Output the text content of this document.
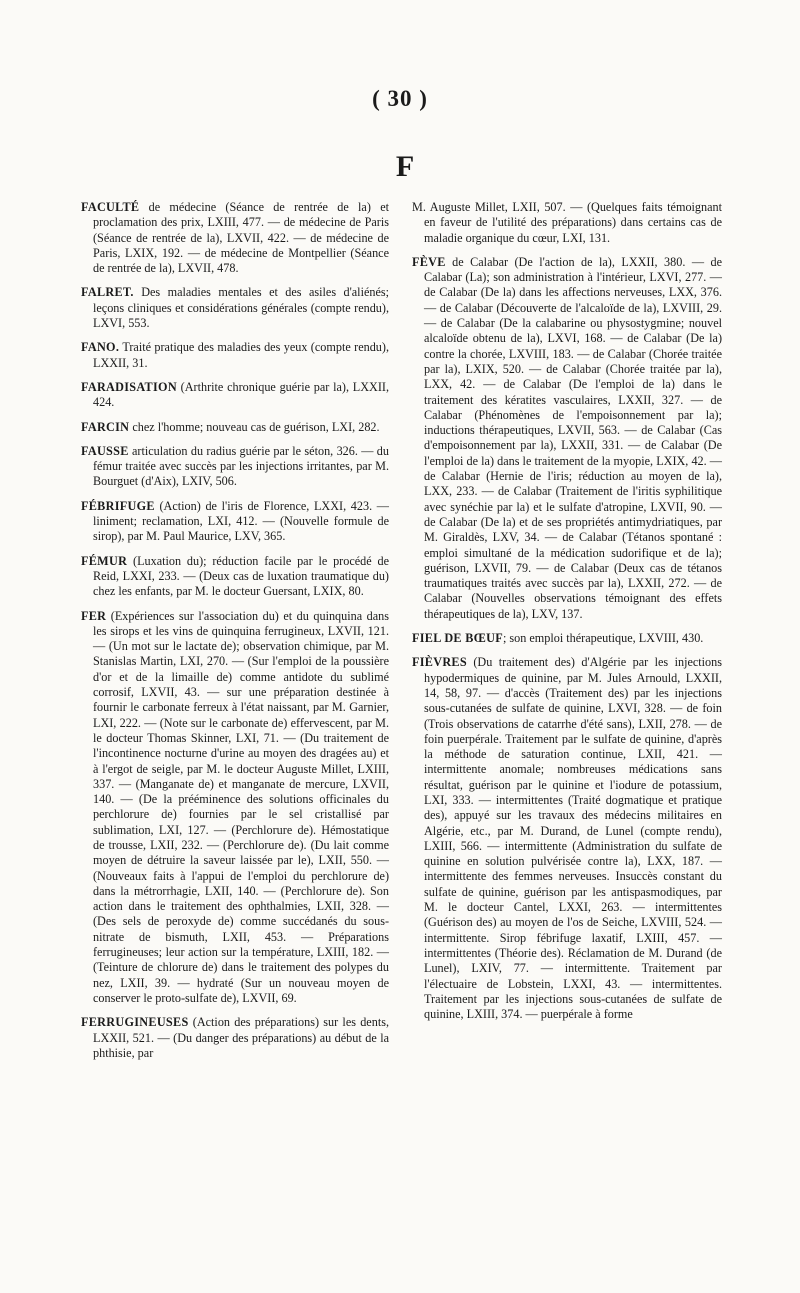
( 30 )
F

FACULTÉ de médecine (Séance de rentrée de la) et proclamation des prix, LXIII, 477. — de médecine de Paris (Séance de rentrée de la), LXVII, 422. — de médecine de Paris, LXIX, 192. — de médecine de Montpellier (Séance de rentrée de la), LXVII, 478.

FALRET. Des maladies mentales et des asiles d'aliénés; leçons cliniques et considérations générales (compte rendu), LXVI, 553.

FANO. Traité pratique des maladies des yeux (compte rendu), LXXII, 31.

FARADISATION (Arthrite chronique guérie par la), LXXII, 424.

FARCIN chez l'homme; nouveau cas de guérison, LXI, 282.

FAUSSE articulation du radius guérie par le séton, 326. — du fémur traitée avec succès par les injections irritantes, par M. Bourguet (d'Aix), LXIV, 506.

FÉBRIFUGE (Action) de l'iris de Florence, LXXI, 423. — liniment; reclamation, LXI, 412. — (Nouvelle formule de sirop), par M. Paul Maurice, LXV, 365.

FÉMUR (Luxation du); réduction facile par le procédé de Reid, LXXI, 233. — (Deux cas de luxation traumatique du) chez les enfants, par M. le docteur Guersant, LXIX, 80.

FER (Expériences sur l'association du) et du quinquina dans les sirops et les vins de quinquina ferrugineux, LXVII, 121. — (Un mot sur le lactate de); observation chimique, par M. Stanislas Martin, LXI, 270. — (Sur l'emploi de la poussière d'or et de la limaille de) comme antidote du sublimé corrosif, LXVII, 43. — sur une préparation destinée à fournir le carbonate ferreux à l'état naissant, par M. Garnier, LXI, 222. — (Note sur le carbonate de) effervescent, par M. le docteur Thomas Skinner, LXI, 71. — (Du traitement de l'incontinence nocturne d'urine au moyen des dragées au) et à l'ergot de seigle, par M. le docteur Auguste Millet, LXIII, 337. — (Manganate de) et manganate de mercure, LXVII, 140. — (De la prééminence des solutions officinales du perchlorure de) fournies par le sel cristallisé par sublimation, LXI, 127. — (Perchlorure de). Hémostatique de trousse, LXII, 232. — (Perchlorure de). (Du lait comme moyen de détruire la saveur laissée par le), LXII, 550. — (Nouveaux faits à l'appui de l'emploi du perchlorure de) dans la métrorrhagie, LXII, 140. — (Perchlorure de). Son action dans le traitement des ophthalmies, LXII, 328. — (Des sels de peroxyde de) comme succédanés du sous-nitrate de bismuth, LXII, 453. — Préparations ferrugineuses; leur action sur la température, LXIII, 182. — (Teinture de chlorure de) dans le traitement des polypes du nez, LXII, 39. — hydraté (Sur un nouveau moyen de conserver le proto-sulfate de), LXVII, 69.

FERRUGINEUSES (Action des préparations) sur les dents, LXXII, 521. — (Du danger des préparations) au début de la phthisie, par

M. Auguste Millet, LXII, 507. — (Quelques faits témoignant en faveur de l'utilité des préparations) dans certains cas de maladie organique du cœur, LXI, 131.

FÈVE de Calabar (De l'action de la), LXXII, 380. — de Calabar (La); son administration à l'intérieur, LXVI, 277. — de Calabar (De la) dans les affections nerveuses, LXX, 376. — de Calabar (Découverte de l'alcaloïde de la), LXVIII, 29. — de Calabar (De la calabarine ou physostygmine; nouvel alcaloïde obtenu de la), LXVI, 168. — de Calabar (De la) contre la chorée, LXVIII, 183. — de Calabar (Chorée traitée par la), LXIX, 520. — de Calabar (Chorée traitée par la), LXX, 42. — de Calabar (De l'emploi de la) dans le traitement des kératites vasculaires, LXXII, 327. — de Calabar (Phénomènes de l'empoisonnement par la); inductions thérapeutiques, LXVII, 563. — de Calabar (Cas d'empoisonnement par la), LXXII, 331. — de Calabar (De l'emploi de la) dans le traitement de la myopie, LXIX, 42. — de Calabar (Hernie de l'iris; réduction au moyen de la), LXX, 233. — de Calabar (Traitement de l'iritis syphilitique avec synéchie par la) et le sulfate d'atropine, LXVII, 90. — de Calabar (De la) et de ses propriétés antimydriatiques, par M. Giraldès, LXV, 34. — de Calabar (Tétanos spontané : emploi simultané de la médication sudorifique et de la); guérison, LXVII, 79. — de Calabar (Deux cas de tétanos traumatiques traités avec succès par la), LXXII, 272. — de Calabar (Nouvelles observations témoignant des effets thérapeutiques de la), LXV, 137.

FIEL DE BŒUF; son emploi thérapeutique, LXVIII, 430.

FIÈVRES (Du traitement des) d'Algérie par les injections hypodermiques de quinine, par M. Jules Arnould, LXXII, 14, 58, 97. — d'accès (Traitement des) par les injections sous-cutanées de sulfate de quinine, LXVI, 328. — de foin (Trois observations de catarrhe d'été sans), LXII, 278. — de foin puerpérale. Traitement par le sulfate de quinine, d'après la méthode de saturation continue, LXII, 421. — intermittente anomale; nombreuses médications sans résultat, guérison par le quinine et l'iodure de potassium, LXI, 333. — intermittentes (Traité dogmatique et pratique des), appuyé sur les travaux des médecins militaires en Algérie, etc., par M. Durand, de Lunel (compte rendu), LXIII, 566. — intermittente (Administration du sulfate de quinine en solution pulvérisée contre la), LXX, 187. — intermittente des femmes nerveuses. Insuccès constant du sulfate de quinine, guérison par les antispasmodiques, par M. le docteur Cantel, LXXI, 263. — intermittentes (Guérison des) au moyen de l'os de Seiche, LXVIII, 524. — intermittente. Sirop fébrifuge laxatif, LXIII, 457. — intermittentes (Théorie des). Réclamation de M. Durand (de Lunel), LXIV, 77. — intermittente. Traitement par l'électuaire de Lobstein, LXXI, 43. — intermittentes. Traitement par les injections sous-cutanées de sulfate de quinine, LXIII, 374. — puerpérale à forme
